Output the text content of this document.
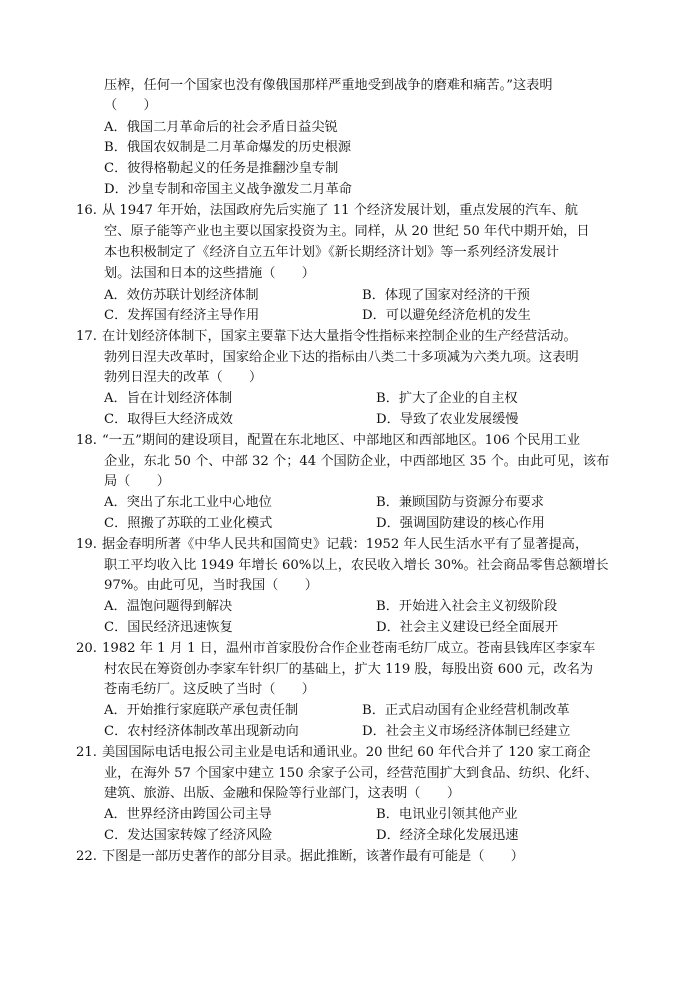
压榨，任何一个国家也没有像俄国那样严重地受到战争的磨难和痛苦。”这表明
（　　）
A．俄国二月革命后的社会矛盾日益尖锐
B．俄国农奴制是二月革命爆发的历史根源
C．彼得格勒起义的任务是推翻沙皇专制
D．沙皇专制和帝国主义战争激发二月革命
16. 从 1947 年开始，法国政府先后实施了 11 个经济发展计划，重点发展的汽车、航
空、原子能等产业也主要以国家投资为主。同样，从 20 世纪 50 年代中期开始，日
本也积极制定了《经济自立五年计划》《新长期经济计划》等一系列经济发展计
划。法国和日本的这些措施（　　）
A．效仿苏联计划经济体制	B．体现了国家对经济的干预
C．发挥国有经济主导作用	D．可以避免经济危机的发生
17. 在计划经济体制下，国家主要靠下达大量指令性指标来控制企业的生产经营活动。
勃列日涅夫改革时，国家给企业下达的指标由八类二十多项减为六类九项。这表明
勃列日涅夫的改革（　　）
A．旨在计划经济体制	B．扩大了企业的自主权
C．取得巨大经济成效	D．导致了农业发展缓慢
18. “一五”期间的建设项目，配置在东北地区、中部地区和西部地区。106 个民用工业
企业，东北 50 个、中部 32 个；44 个国防企业，中西部地区 35 个。由此可见，该布
局（　　）
A．突出了东北工业中心地位	B．兼顾国防与资源分布要求
C．照搬了苏联的工业化模式	D．强调国防建设的核心作用
19. 据金春明所著《中华人民共和国简史》记载：1952 年人民生活水平有了显著提高，
职工平均收入比 1949 年增长 60%以上，农民收入增长 30%。社会商品零售总额增长
97%。由此可见，当时我国（　　）
A．温饱问题得到解决	B．开始进入社会主义初级阶段
C．国民经济迅速恢复	D．社会主义建设已经全面展开
20. 1982 年 1 月 1 日，温州市首家股份合作企业苍南毛纺厂成立。苍南县钱库区李家车
村农民在筹资创办李家车针织厂的基础上，扩大 119 股，每股出资 600 元，改名为
苍南毛纺厂。这反映了当时（　　）
A．开始推行家庭联产承包责任制	B．正式启动国有企业经营机制改革
C．农村经济体制改革出现新动向	D．社会主义市场经济体制已经建立
21. 美国国际电话电报公司主业是电话和通讯业。20 世纪 60 年代合并了 120 家工商企
业，在海外 57 个国家中建立 150 余家子公司，经营范围扩大到食品、纺织、化纤、
建筑、旅游、出版、金融和保险等行业部门，这表明（　　）
A．世界经济由跨国公司主导	B．电讯业引领其他产业
C．发达国家转嫁了经济风险	D．经济全球化发展迅速
22. 下图是一部历史著作的部分目录。据此推断，该著作最有可能是（　　）
